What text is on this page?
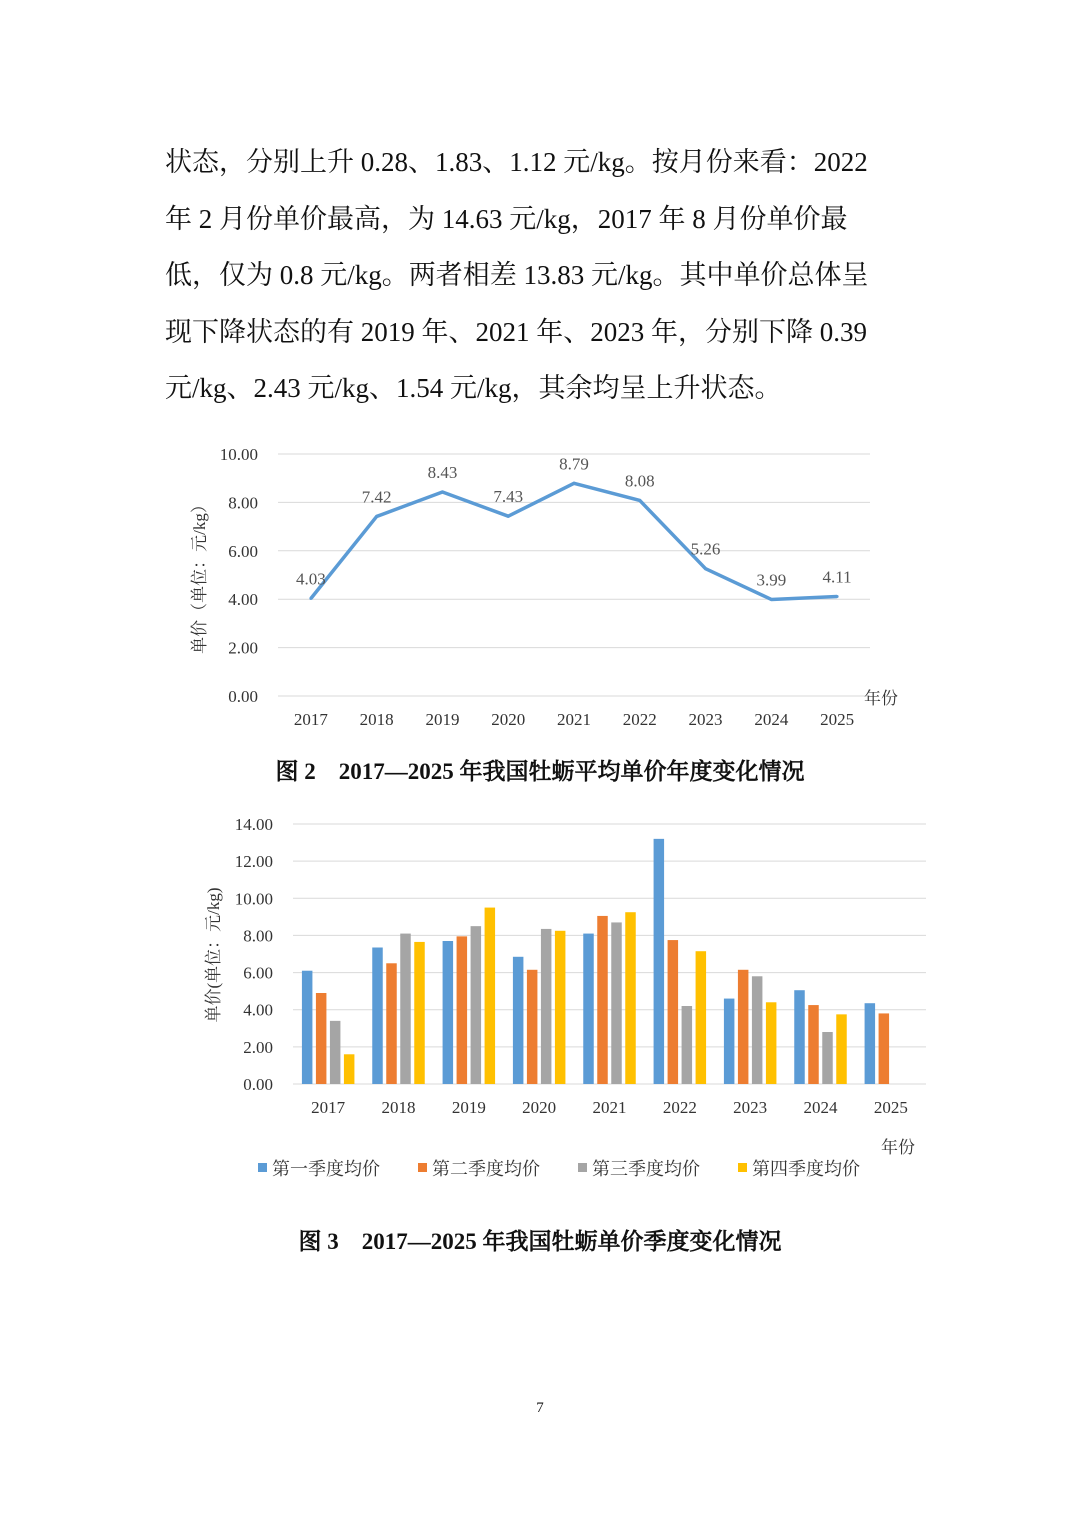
状态，分别上升 0.28、1.83、1.12 元/kg。按月份来看：2022
年 2 月份单价最高，为 14.63 元/kg，2017 年 8 月份单价最
低，仅为 0.8 元/kg。两者相差 13.83 元/kg。其中单价总体呈
现下降状态的有 2019 年、2021 年、2023 年，分别下降 0.39
元/kg、2.43 元/kg、1.54 元/kg，其余均呈上升状态。
0.00
2.00
4.00
6.00
8.00
10.00
2017 2018 2019 2020 2021 2022 2023 2024 2025
4.03
7.42
8.43
7.43
8.79
8.08
5.26
3.99 4.11
年份
单价（单位：元/kg）

图 2　2017—2025 年我国牡蛎平均单价年度变化情况

0.00
2.00
4.00
6.00
8.00
10.00
12.00
14.00
2017 2018 2019 2020 2021 2022 2023 2024 2025
年份
单价(单位：元/kg)
第一季度均价	第二季度均价	第三季度均价	第四季度均价

图 3　2017—2025 年我国牡蛎单价季度变化情况

7
